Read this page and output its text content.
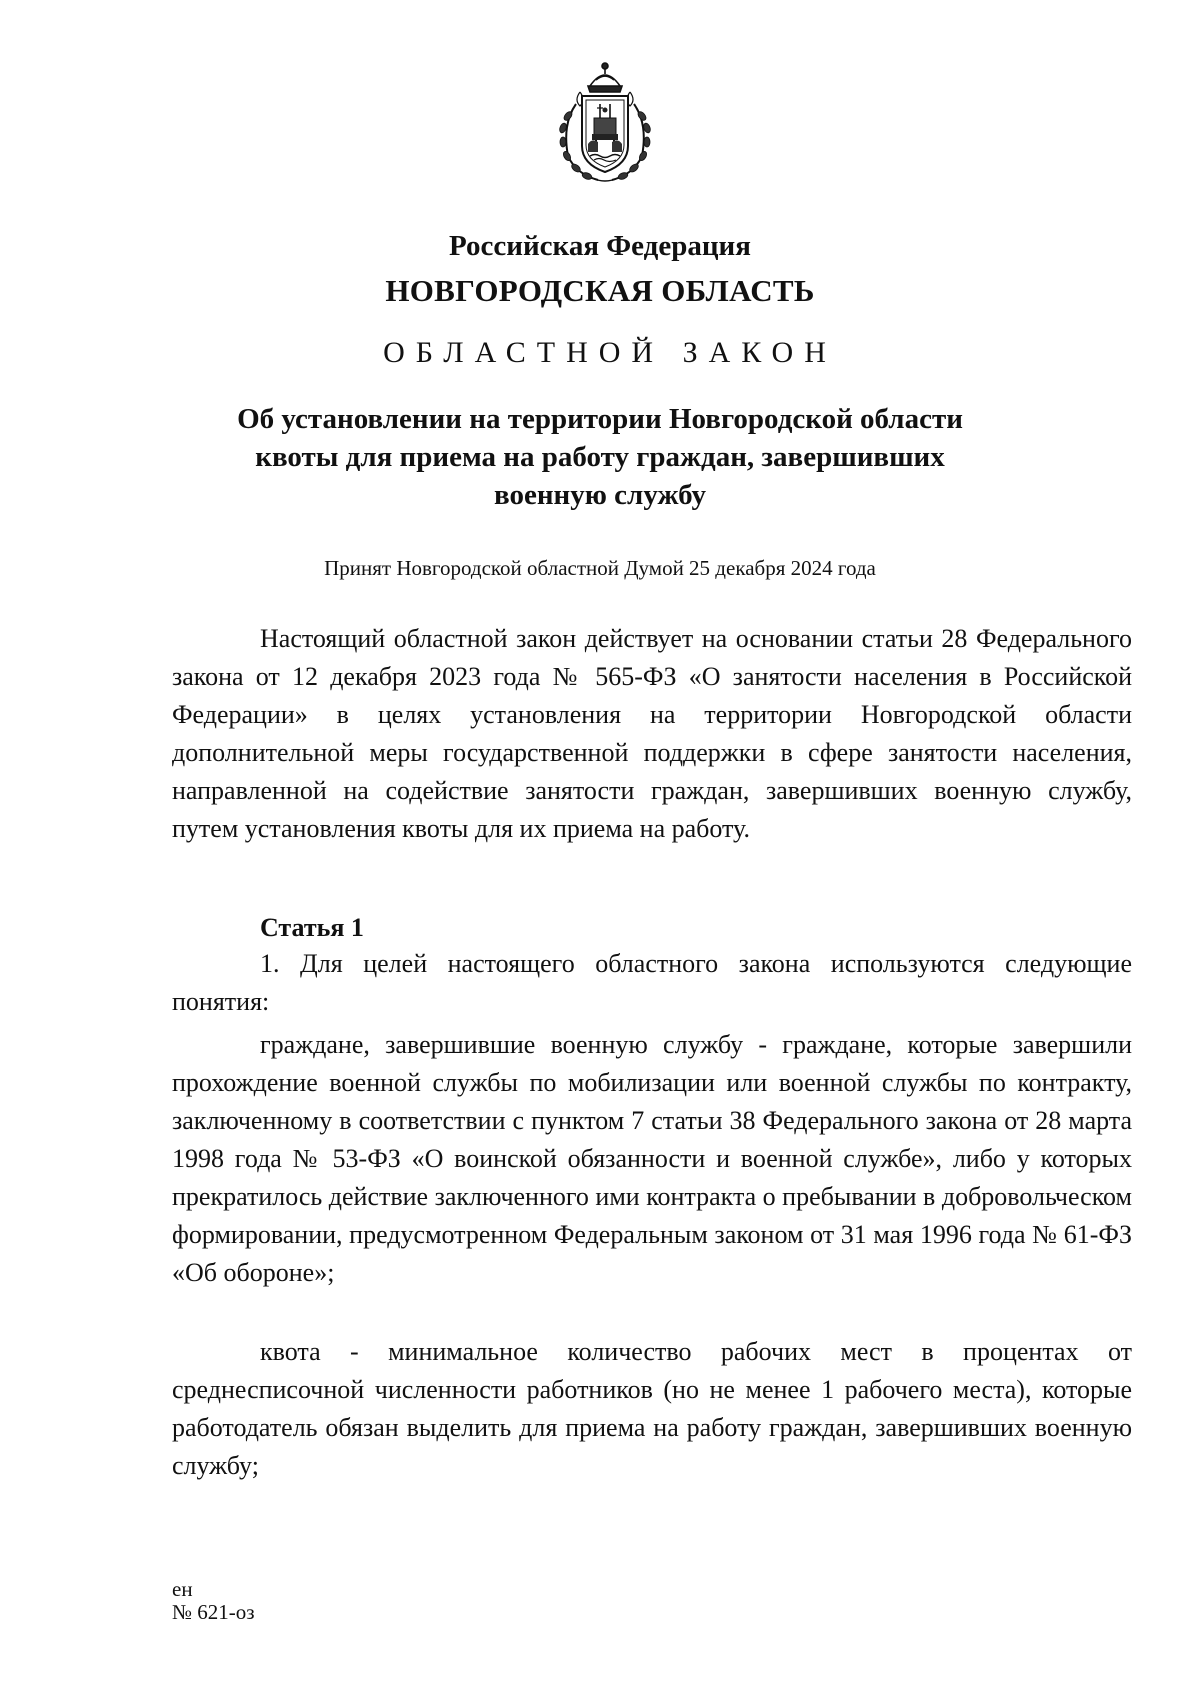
Российская Федерация
НОВГОРОДСКАЯ ОБЛАСТЬ
ОБЛАСТНОЙ ЗАКОН
Об установлении на территории Новгородской области
квоты для приема на работу граждан, завершивших
военную службу
Принят Новгородской областной Думой 25 декабря 2024 года

Настоящий областной закон действует на основании статьи 28 Федерального закона от 12 декабря 2023 года № 565-ФЗ «О занятости населения в Российской Федерации» в целях установления на территории Новгородской области дополнительной меры государственной поддержки в сфере занятости населения, направленной на содействие занятости граждан, завершивших военную службу, путем установления квоты для их приема на работу.

Статья 1

1. Для целей настоящего областного закона используются следующие понятия:

граждане, завершившие военную службу - граждане, которые завершили прохождение военной службы по мобилизации или военной службы по контракту, заключенному в соответствии с пунктом 7 статьи 38 Федерального закона от 28 марта 1998 года № 53-ФЗ «О воинской обязанности и военной службе», либо у которых прекратилось действие заключенного ими контракта о пребывании в добровольческом формировании, предусмотренном Федеральным законом от 31 мая 1996 года № 61-ФЗ «Об обороне»;

квота - минимальное количество рабочих мест в процентах от среднесписочной численности работников (но не менее 1 рабочего места), которые работодатель обязан выделить для приема на работу граждан, завершивших военную службу;

ен
№ 621-оз
